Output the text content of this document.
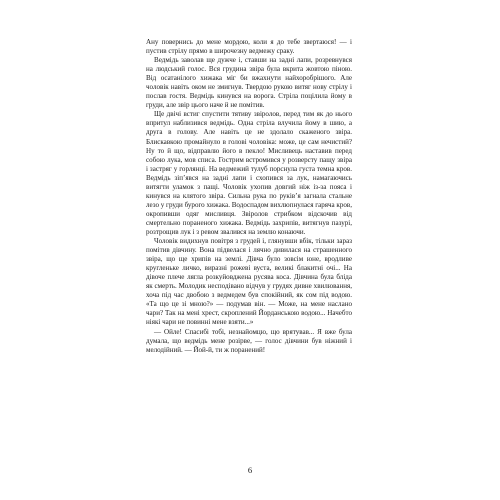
Ану повернись до мене мордою, коли я до тебе звертаюся! — і пустив стрілу прямо в широчезну ведмежу сраку.

Ведмідь заволав ще дужче і, ставши на задні лапи, розревнувся на людський голос. Вся грудина звіра була вкрита жовтою піною. Від осатанілого хижака міг би вжахнути найхоробрішого. Але чоловік навіть оком не змигнув. Твердою рукою витяг нову стрілу і послав гостя. Ведмідь кинувся на ворога. Стріла поцілила йому в груди, але звір цього наче й не помітив.

Ще двічі встиг спустити тятиву звіролов, перед тим як до нього впритул наблизився ведмідь. Одна стріла влучила йому в шию, а друга в голову. Але навіть це не здолало скаженого звіра. Блискавкою промайнуло в голові чоловіка: може, це сам нечистий? Ну то й що, відправлю його в пекло! Мисливець наставив перед собою лука, мов списа. Гострим встромився у розверсту пащу звіра і застряг у горлянці. На ведмежий тулуб порснула густа темна кров. Ведмідь зіп’явся на задні лапи і схопився за лук, намагаючись витягти уламок з пащі. Чоловік ухопив довгий ніж із-за пояса і кинувся на клятого звіра. Сильна рука по руків’я загнала стальне лезо у груди бурого хижака. Водоспадом вихлюпнулася гаряча кров, окропивши одяг мисливця. Звіролов стрибком відскочив від смертельно пораненого хижака. Ведмідь захрипів, витягнув пазурі, розтрощив лук і з ревом звалився на землю конаючи.

Чоловік видихнув повітря з грудей і, глянувши вбік, тільки зараз помітив дівчину. Вона підвелася і лячно дивилася на страшенного звіра, що ще хрипів на землі. Дівча було зовсім юне, вродливе кругленьке личко, виразні рожеві вуста, великі блакитні очі... На дівоче плече лягла розкуйовджена русява коса. Дівчина була бліда як смерть. Молодик несподівано відчув у грудях дивне хвилювання, хоча під час двобою з ведмедем був спокійний, як сом під водою. «Та що це зі мною?» — подумав він. — Може, на мене наслано чари? Так на мені хрест, скроплений Йорданською водою... Начебто ніякі чари не повинні мене взяти...»

— Ойле! Спасибі тобі, незнайомцю, що врятував... Я вже була думала, що ведмідь мене розірве, — голос дівчини був ніжний і мелодійний. — Йой-й, ти ж поранений!

6
